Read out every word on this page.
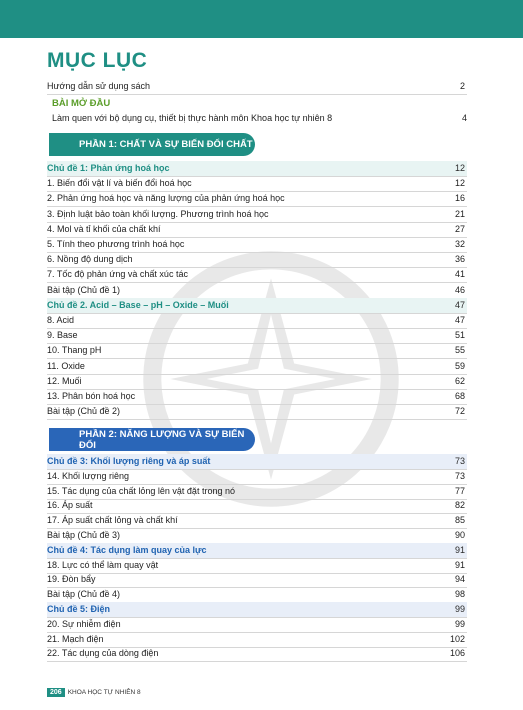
MỤC LỤC
Hướng dẫn sử dụng sách	2
BÀI MỞ ĐẦU
Làm quen với bộ dụng cụ, thiết bị thực hành môn Khoa học tự nhiên 8	4
PHẦN 1: CHẤT VÀ SỰ BIẾN ĐỔI CHẤT
Chủ đề 1: Phản ứng hoá học	12
1. Biến đổi vật lí và biến đổi hoá học	12
2. Phản ứng hoá học và năng lượng của phản ứng hoá học	16
3. Định luật bảo toàn khối lượng. Phương trình hoá học	21
4. Mol và tỉ khối của chất khí	27
5. Tính theo phương trình hoá học	32
6. Nồng độ dung dịch	36
7. Tốc độ phản ứng và chất xúc tác	41
Bài tập (Chủ đề 1)	46
Chủ đề 2. Acid – Base – pH – Oxide – Muối	47
8. Acid	47
9. Base	51
10. Thang pH	55
11. Oxide	59
12. Muối	62
13. Phân bón hoá học	68
Bài tập (Chủ đề 2)	72
PHẦN 2: NĂNG LƯỢNG VÀ SỰ BIẾN ĐỔI
Chủ đề 3: Khối lượng riêng và áp suất	73
14. Khối lượng riêng	73
15. Tác dụng của chất lỏng lên vật đặt trong nó	77
16. Áp suất	82
17. Áp suất chất lỏng và chất khí	85
Bài tập (Chủ đề 3)	90
Chủ đề 4: Tác dụng làm quay của lực	91
18. Lực có thể làm quay vật	91
19. Đòn bẩy	94
Bài tập (Chủ đề 4)	98
Chủ đề 5: Điện	99
20. Sự nhiễm điện	99
21. Mạch điện	102
22. Tác dụng của dòng điện	106
206 KHOA HỌC TỰ NHIÊN 8
